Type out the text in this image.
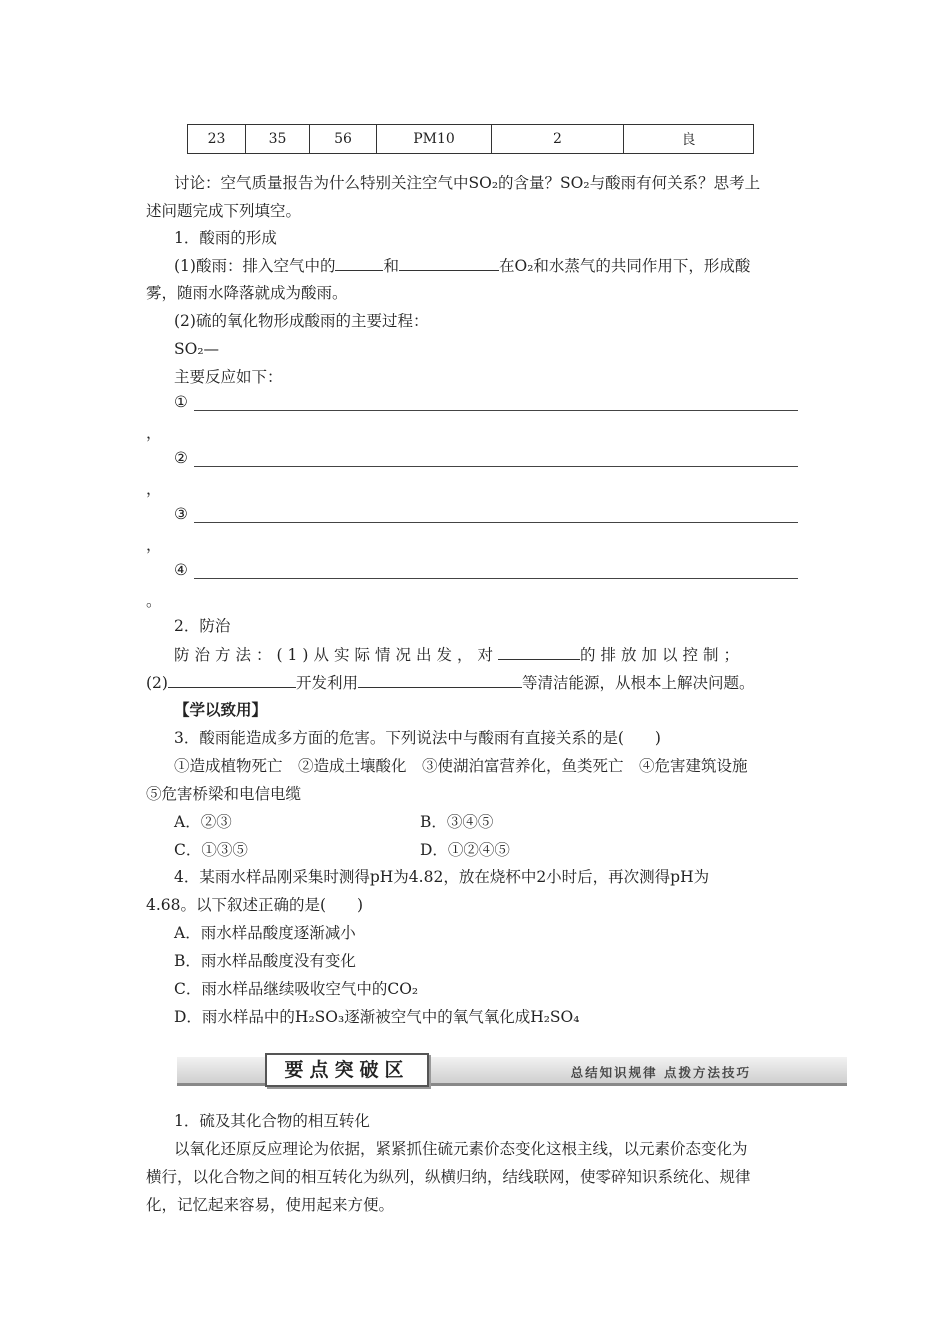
23	35	56	PM10	2	良
讨论：空气质量报告为什么特别关注空气中SO₂的含量？SO₂与酸雨有何关系？思考上
述问题完成下列填空。
1．酸雨的形成
(1)酸雨：排入空气中的	和	在O₂和水蒸气的共同作用下，形成酸
雾，随雨水降落就成为酸雨。
(2)硫的氧化物形成酸雨的主要过程：
SO₂—
主要反应如下：
①
，
②
，
③
，
④
。
2．防治
防治方法：(1)从实际情况出发，对	的排放加以控制；
(2)	开发利用	等清洁能源，从根本上解决问题。
【学以致用】
3．酸雨能造成多方面的危害。下列说法中与酸雨有直接关系的是(　　)
①造成植物死亡　②造成土壤酸化　③使湖泊富营养化，鱼类死亡　④危害建筑设施
⑤危害桥梁和电信电缆
A．②③	B．③④⑤
C．①③⑤	D．①②④⑤
4．某雨水样品刚采集时测得pH为4.82，放在烧杯中2小时后，再次测得pH为
4.68。以下叙述正确的是(　　)
A．雨水样品酸度逐渐减小
B．雨水样品酸度没有变化
C．雨水样品继续吸收空气中的CO₂
D．雨水样品中的H₂SO₃逐渐被空气中的氧气氧化成H₂SO₄
要点突破区	总结知识规律 点拨方法技巧
1．硫及其化合物的相互转化
以氧化还原反应理论为依据，紧紧抓住硫元素价态变化这根主线，以元素价态变化为
横行，以化合物之间的相互转化为纵列，纵横归纳，结线联网，使零碎知识系统化、规律
化，记忆起来容易，使用起来方便。
